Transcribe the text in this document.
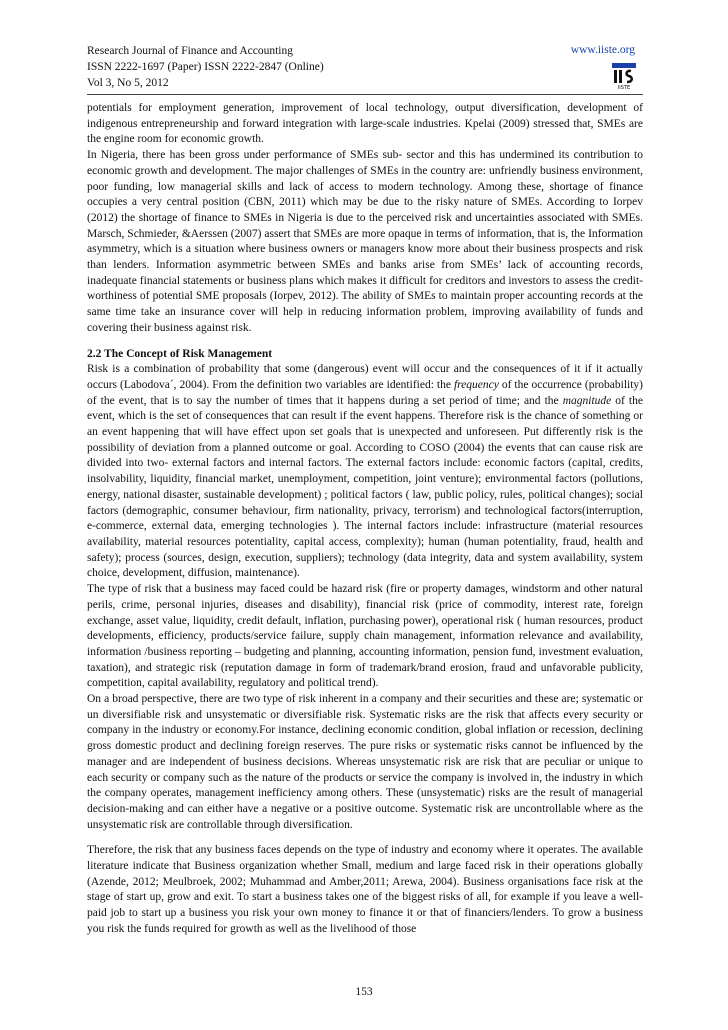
Research Journal of Finance and Accounting
ISSN 2222-1697 (Paper) ISSN 2222-2847 (Online)
Vol 3, No 5, 2012
www.iiste.org
IISTE

potentials for employment generation, improvement of local technology, output diversification, development of indigenous entrepreneurship and forward integration with large-scale industries. Kpelai (2009) stressed that, SMEs are the engine room for economic growth.

In Nigeria, there has been gross under performance of SMEs sub- sector and this has undermined its contribution to economic growth and development. The major challenges of SMEs in the country are: unfriendly business environment, poor funding, low managerial skills and lack of access to modern technology. Among these, shortage of finance occupies a very central position (CBN, 2011) which may be due to the risky nature of SMEs. According to Iorpev (2012) the shortage of finance to SMEs in Nigeria is due to the perceived risk and uncertainties associated with SMEs. Marsch, Schmieder, &Aerssen (2007) assert that SMEs are more opaque in terms of information, that is, the Information asymmetry, which is a situation where business owners or managers know more about their business prospects and risk than lenders. Information asymmetric between SMEs and banks arise from SMEs’ lack of accounting records, inadequate financial statements or business plans which makes it difficult for creditors and investors to assess the credit-worthiness of potential SME proposals (Iorpev, 2012). The ability of SMEs to maintain proper accounting records at the same time take an insurance cover will help in reducing information problem, improving availability of funds and covering their business against risk.

2.2 The Concept of Risk Management

Risk is a combination of probability that some (dangerous) event will occur and the consequences of it if it actually occurs (Labodova´, 2004). From the definition two variables are identified: the frequency of the occurrence (probability) of the event, that is to say the number of times that it happens during a set period of time; and the magnitude of the event, which is the set of consequences that can result if the event happens. Therefore risk is the chance of something or an event happening that will have effect upon set goals that is unexpected and unforeseen. Put differently risk is the possibility of deviation from a planned outcome or goal. According to COSO (2004) the events that can cause risk are divided into two- external factors and internal factors. The external factors include: economic factors (capital, credits, insolvability, liquidity, financial market, unemployment, competition, joint venture); environmental factors (pollutions, energy, national disaster, sustainable development) ; political factors ( law, public policy, rules, political changes); social factors (demographic, consumer behaviour, firm nationality, privacy, terrorism) and technological factors(interruption, e-commerce, external data, emerging technologies ). The internal factors include: infrastructure (material resources availability, material resources potentiality, capital access, complexity); human (human potentiality, fraud, health and safety); process (sources, design, execution, suppliers); technology (data integrity, data and system availability, system choice, development, diffusion, maintenance).

The type of risk that a business may faced could be hazard risk (fire or property damages, windstorm and other natural perils, crime, personal injuries, diseases and disability), financial risk (price of commodity, interest rate, foreign exchange, asset value, liquidity, credit default, inflation, purchasing power), operational risk ( human resources, product developments, efficiency, products/service failure, supply chain management, information relevance and availability, information /business reporting – budgeting and planning, accounting information, pension fund, investment evaluation, taxation), and strategic risk (reputation damage in form of trademark/brand erosion, fraud and unfavorable publicity, competition, capital availability, regulatory and political trend).

On a broad perspective, there are two type of risk inherent in a company and their securities and these are; systematic or un diversifiable risk and unsystematic or diversifiable risk. Systematic risks are the risk that affects every security or company in the industry or economy.For instance, declining economic condition, global inflation or recession, declining gross domestic product and declining foreign reserves. The pure risks or systematic risks cannot be influenced by the manager and are independent of business decisions. Whereas unsystematic risk are risk that are peculiar or unique to each security or company such as the nature of the products or service the company is involved in, the industry in which the company operates, management inefficiency among others. These (unsystematic) risks are the result of managerial decision-making and can either have a negative or a positive outcome. Systematic risk are uncontrollable where as the unsystematic risk are controllable through diversification.

Therefore, the risk that any business faces depends on the type of industry and economy where it operates. The available literature indicate that Business organization whether Small, medium and large faced risk in their operations globally (Azende, 2012; Meulbroek, 2002; Muhammad and Amber,2011; Arewa, 2004). Business organisations face risk at the stage of start up, grow and exit. To start a business takes one of the biggest risks of all, for example if you leave a well-paid job to start up a business you risk your own money to finance it or that of financiers/lenders. To grow a business you risk the funds required for growth as well as the livelihood of those

153
